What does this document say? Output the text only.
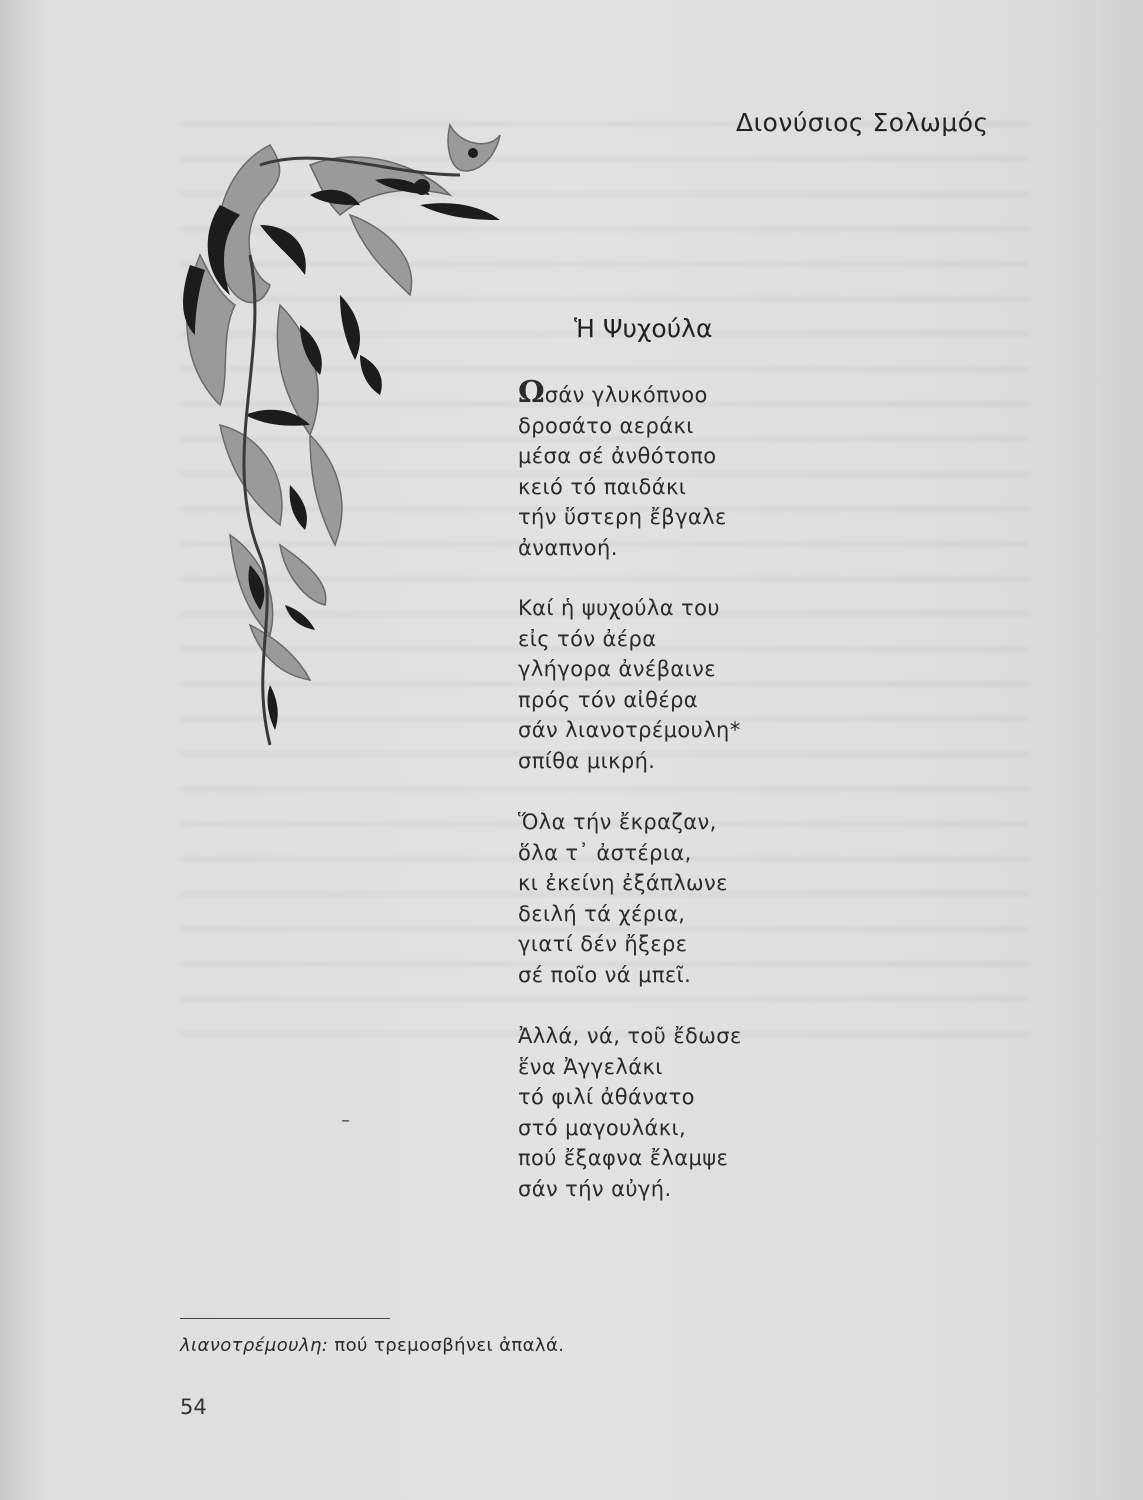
Διονύσιος Σολωμός
Ἡ Ψυχούλα
Ωσάν γλυκόπνοο
δροσάτο αεράκι
μέσα σέ ἀνθότοπο
κειό τό παιδάκι
τήν ὕστερη ἔβγαλε
ἀναπνοή.
Καί ἡ ψυχούλα του
εἰς τόν ἀέρα
γλήγορα ἀνέβαινε
πρός τόν αἰθέρα
σάν λιανοτρέμουλη*
σπίθα μικρή.
Ὅλα τήν ἔκραζαν,
ὅλα τ᾽ ἀστέρια,
κι ἐκείνη ἐξάπλωνε
δειλή τά χέρια,
γιατί δέν ἤξερε
σέ ποῖο νά μπεῖ.
Ἀλλά, νά, τοῦ ἔδωσε
ἕνα Ἀγγελάκι
τό φιλί ἀθάνατο
στό μαγουλάκι,
πού ἔξαφνα ἔλαμψε
σάν τήν αὐγή.
–
λιανοτρέμουλη: πού τρεμοσβήνει ἀπαλά.
54
